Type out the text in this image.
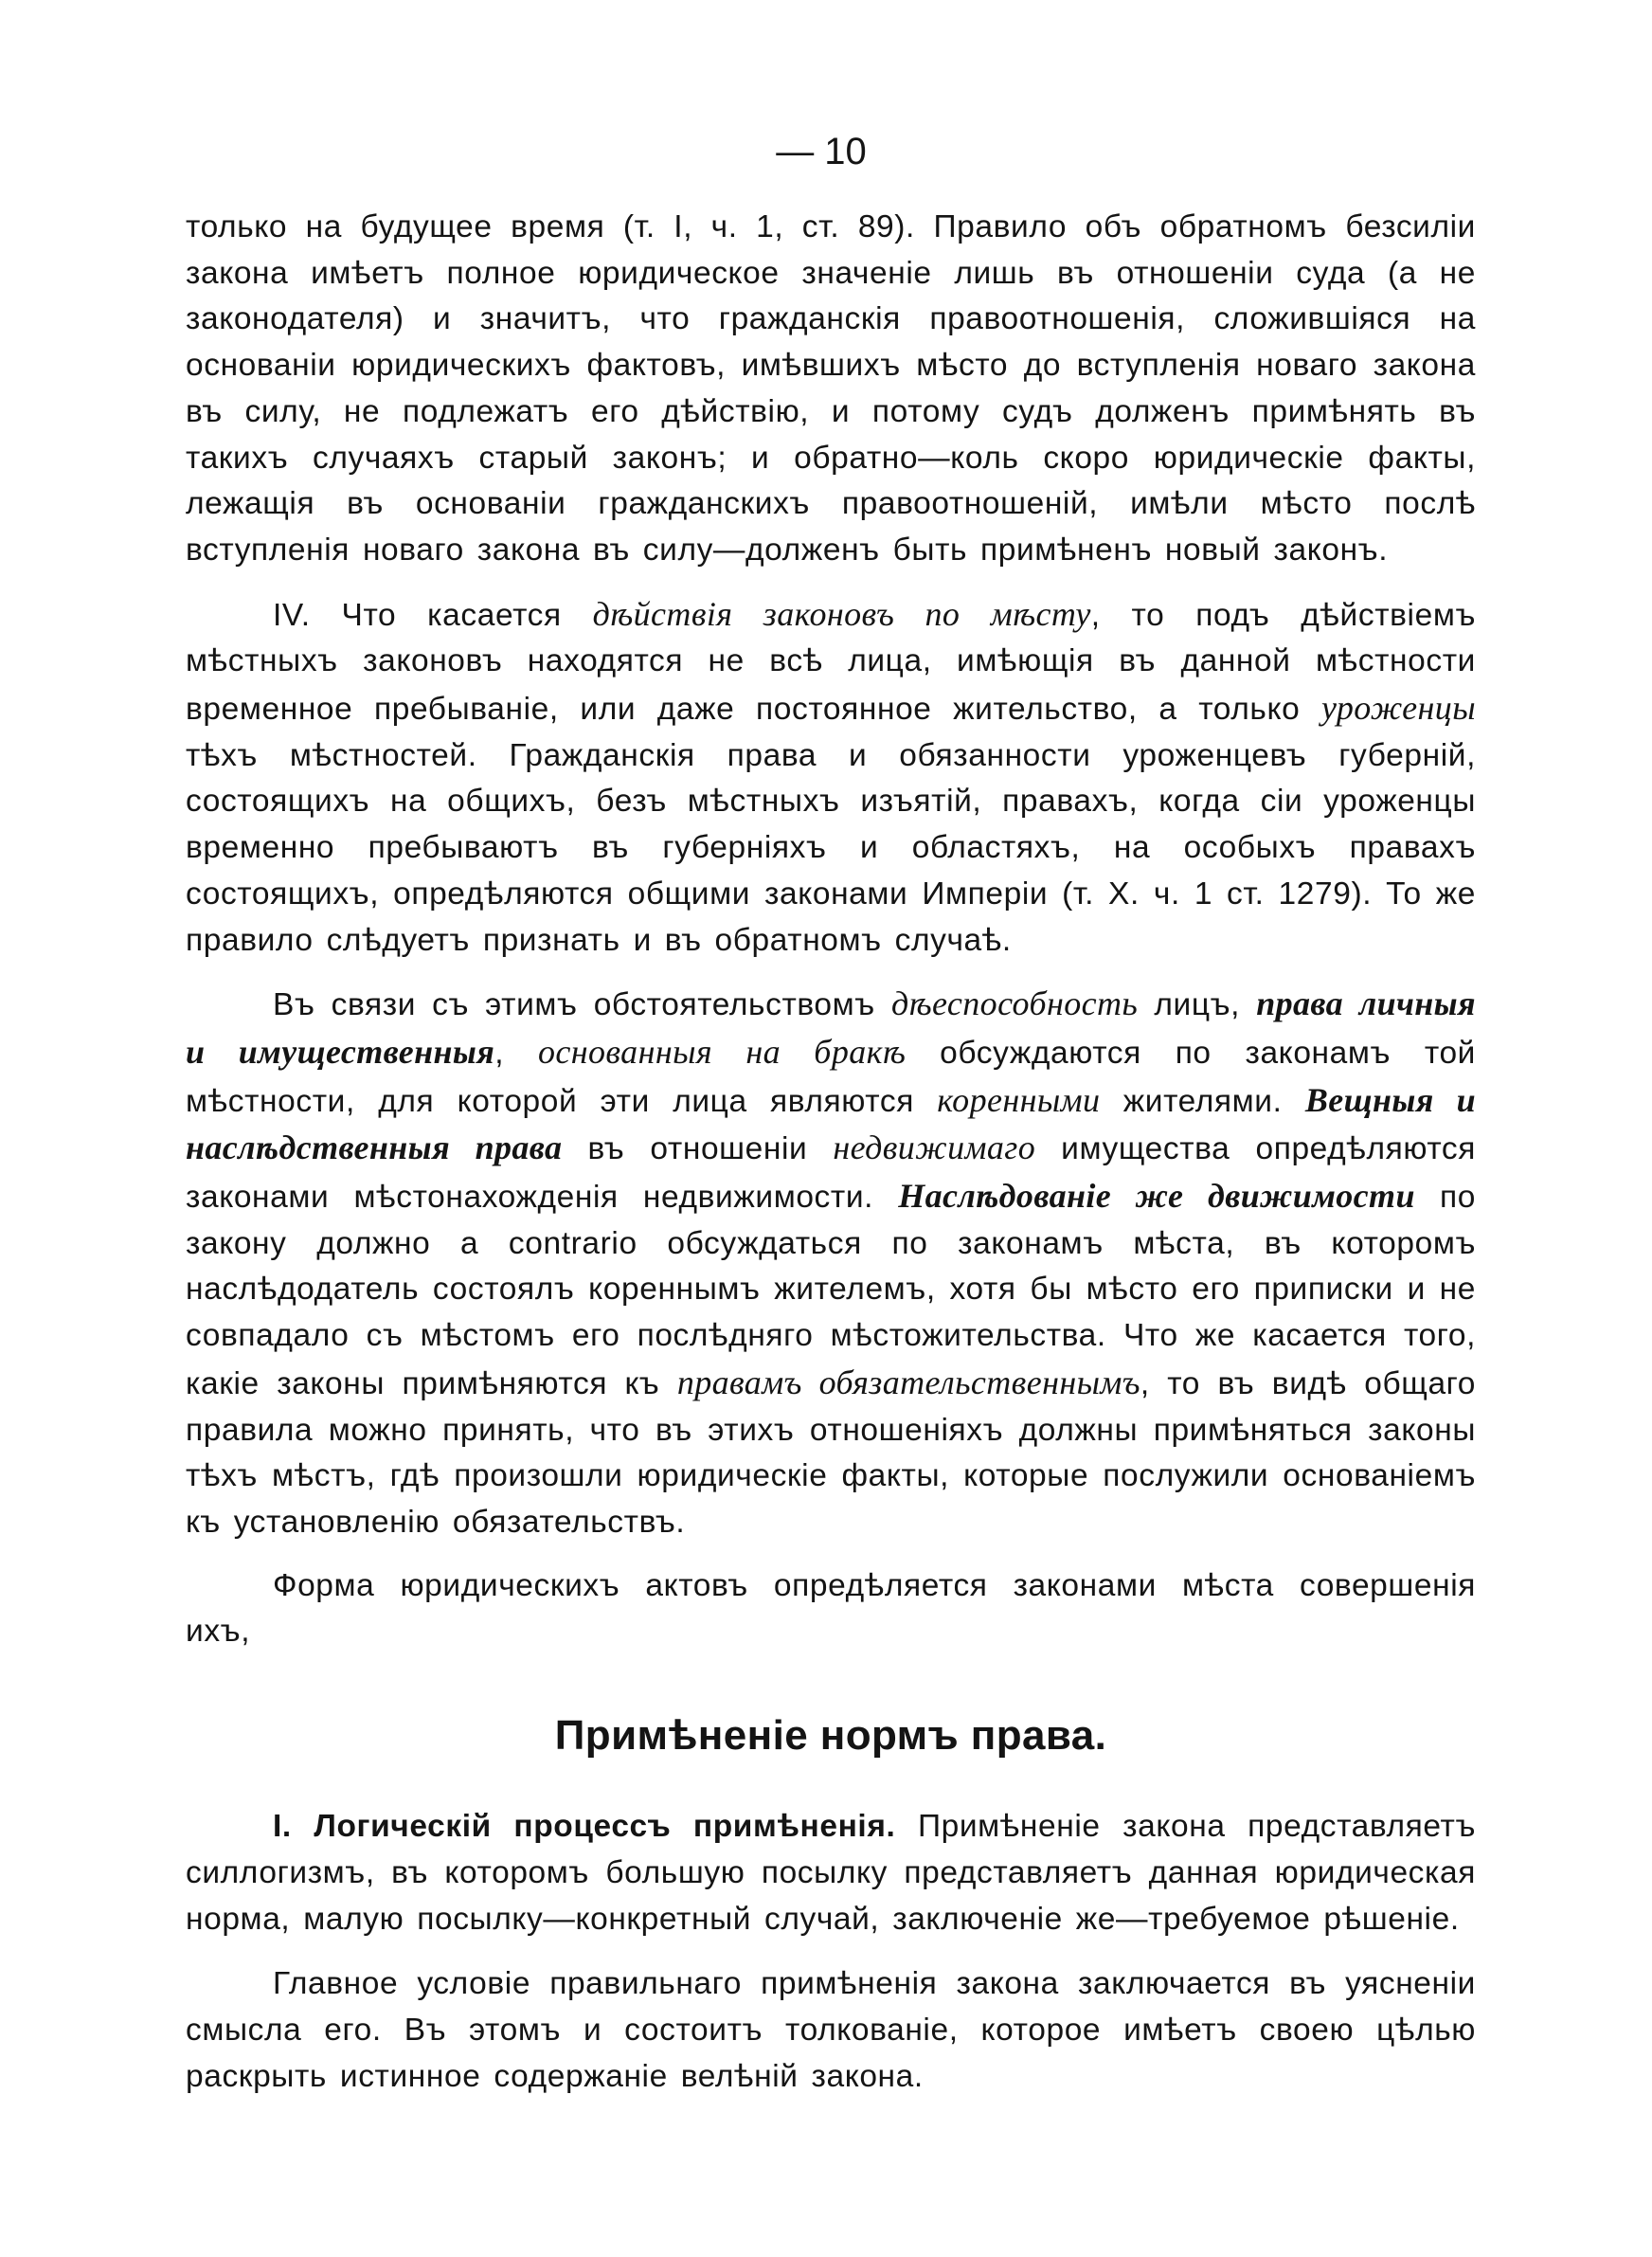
— 10

только на будущее время (т. I, ч. 1, ст. 89). Правило объ обратномъ безсилiи закона имѣетъ полное юридическое значенiе лишь въ отношенiи суда (а не законодателя) и значитъ, что гражданскiя правоотношенiя, сложившiяся на основанiи юридическихъ фактовъ, имѣвшихъ мѣсто до вступленiя новаго закона въ силу, не подлежатъ его дѣйствiю, и потому судъ долженъ примѣнять въ такихъ случаяхъ старый законъ; и обратно—коль скоро юридическiе факты, лежащiя въ основанiи гражданскихъ правоотношенiй, имѣли мѣсто послѣ вступленiя новаго закона въ силу—долженъ быть примѣненъ новый законъ.

IV. Что касается дѣйствiя законовъ по мѣсту, то подъ дѣйствiемъ мѣстныхъ законовъ находятся не всѣ лица, имѣющiя въ данной мѣстности временное пребыванiе, или даже постоянное жительство, а только уроженцы тѣхъ мѣстностей. Гражданскiя права и обязанности уроженцевъ губернiй, состоящихъ на общихъ, безъ мѣстныхъ изъятiй, правахъ, когда сiи уроженцы временно пребываютъ въ губернiяхъ и областяхъ, на особыхъ правахъ состоящихъ, опредѣляются общими законами Имперiи (т. X. ч. 1 ст. 1279). То же правило слѣдуетъ признать и въ обратномъ случаѣ.

Въ связи съ этимъ обстоятельствомъ дѣеспособность лицъ, права личныя и имущественныя, основанныя на бракѣ обсуждаются по законамъ той мѣстности, для которой эти лица являются коренными жителями. Вещныя и наслѣдственныя права въ отношенiи недвижимаго имущества опредѣляются законами мѣстонахожденiя недвижимости. Наслѣдованiе же движимости по закону должно а contrario обсуждаться по законамъ мѣста, въ которомъ наслѣдодатель состоялъ кореннымъ жителемъ, хотя бы мѣсто его приписки и не совпадало съ мѣстомъ его послѣдняго мѣстожительства. Что же касается того, какiе законы примѣняются къ правамъ обязательственнымъ, то въ видѣ общаго правила можно принять, что въ этихъ отношенiяхъ должны примѣняться законы тѣхъ мѣстъ, гдѣ произошли юридическiе факты, которые послужили основанiемъ къ установленiю обязательствъ.

Форма юридическихъ актовъ опредѣляется законами мѣста совершенiя ихъ,

Примѣненiе нормъ права.

I. Логическiй процессъ примѣненiя. Примѣненiе закона представляетъ силлогизмъ, въ которомъ большую посылку представляетъ данная юридическая норма, малую посылку—конкретный случай, заключенiе же—требуемое рѣшенiе.

Главное условiе правильнаго примѣненiя закона заключается въ уясненiи смысла его. Въ этомъ и состоитъ толкованiе, которое имѣетъ своею цѣлью раскрыть истинное содержанiе велѣнiй закона.
